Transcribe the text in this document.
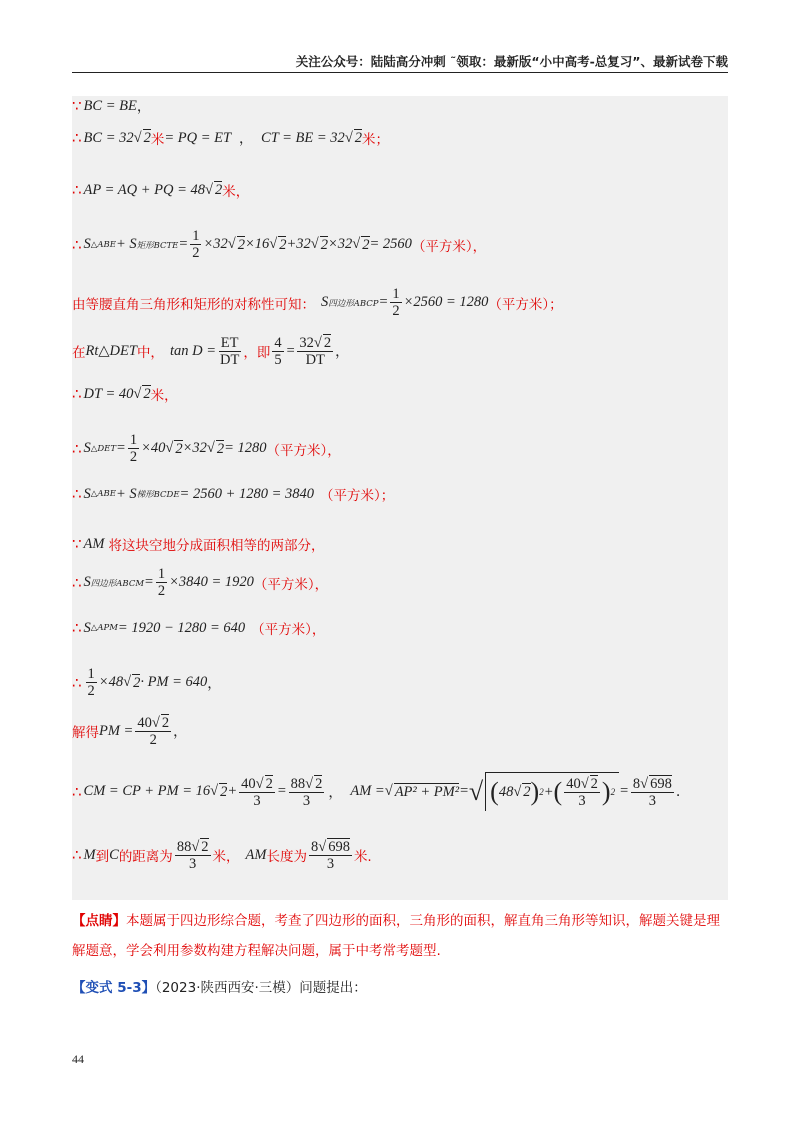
关注公众号：陆陆高分冲刺 ˜领取：最新版“小中高考-总复习”、最新试卷下载
∵ BC = BE ，
∴ BC = 32 √ 2 米 = PQ = ET ， CT = BE = 32 √ 2 米；
∴ AP = AQ + PQ = 48 √ 2 米，
∴ S △ABE + S 矩形BCTE = $\frac{1}{2} \times 32$ √ 2 ×16 √ 2 +32 √ 2 ×32 √ 2 = 2560 （平方米），
由等腰直角三角形和矩形的对称性可知： S 四边形ABCP = $\frac{1}{2} \times 2560 = 1280$ （平方米）；
在 Rt△DET 中， $\tan D = \frac{ET}{DT}$ ，即 $\frac{4}{5} = \frac{32√ 2}{DT}$ ，
∴ DT = 40 √ 2 米，
∴ S △DET = $\frac{1}{2} \times 40$ √ 2 ×32 √ 2 = 1280 （平方米），
∴ S △ABE + S 梯形BCDE = 2560 + 1280 = 3840 （平方米）；
∵ AM 将这块空地分成面积相等的两部分，
∴ S 四边形ABCM = $\frac{1}{2} \times 3840 = 1920$ （平方米），
∴ S △APM = 1920 − 1280 = 640 （平方米），
∴ $\frac{1}{2} \times 48$ √ 2 · PM = 640 ，
解得 PM = $\frac{40√ 2}{2}$ ，
∴ CM = CP + PM = 16 √ $2 + \frac{40√ 2}{3} = \frac{88√ 2}{3}$ ， AM = √ AP² + PM² = √ ( 48 √ 2 ) 2 + ( $\frac{40√ 2}{3}$ ) $2 = \frac{8√ 698}{3}$ .
∴ M 到 C 的距离为 $\frac{88√ 2}{3}$ 米， AM 长度为 $\frac{8√ 698}{3}$ 米.
【点睛】本题属于四边形综合题，考查了四边形的面积，三角形的面积，解直角三角形等知识，解题关键是理解题意，学会利用参数构建方程解决问题，属于中考常考题型.
【变式 5-3】（2023·陕西西安·三模）问题提出：
44
